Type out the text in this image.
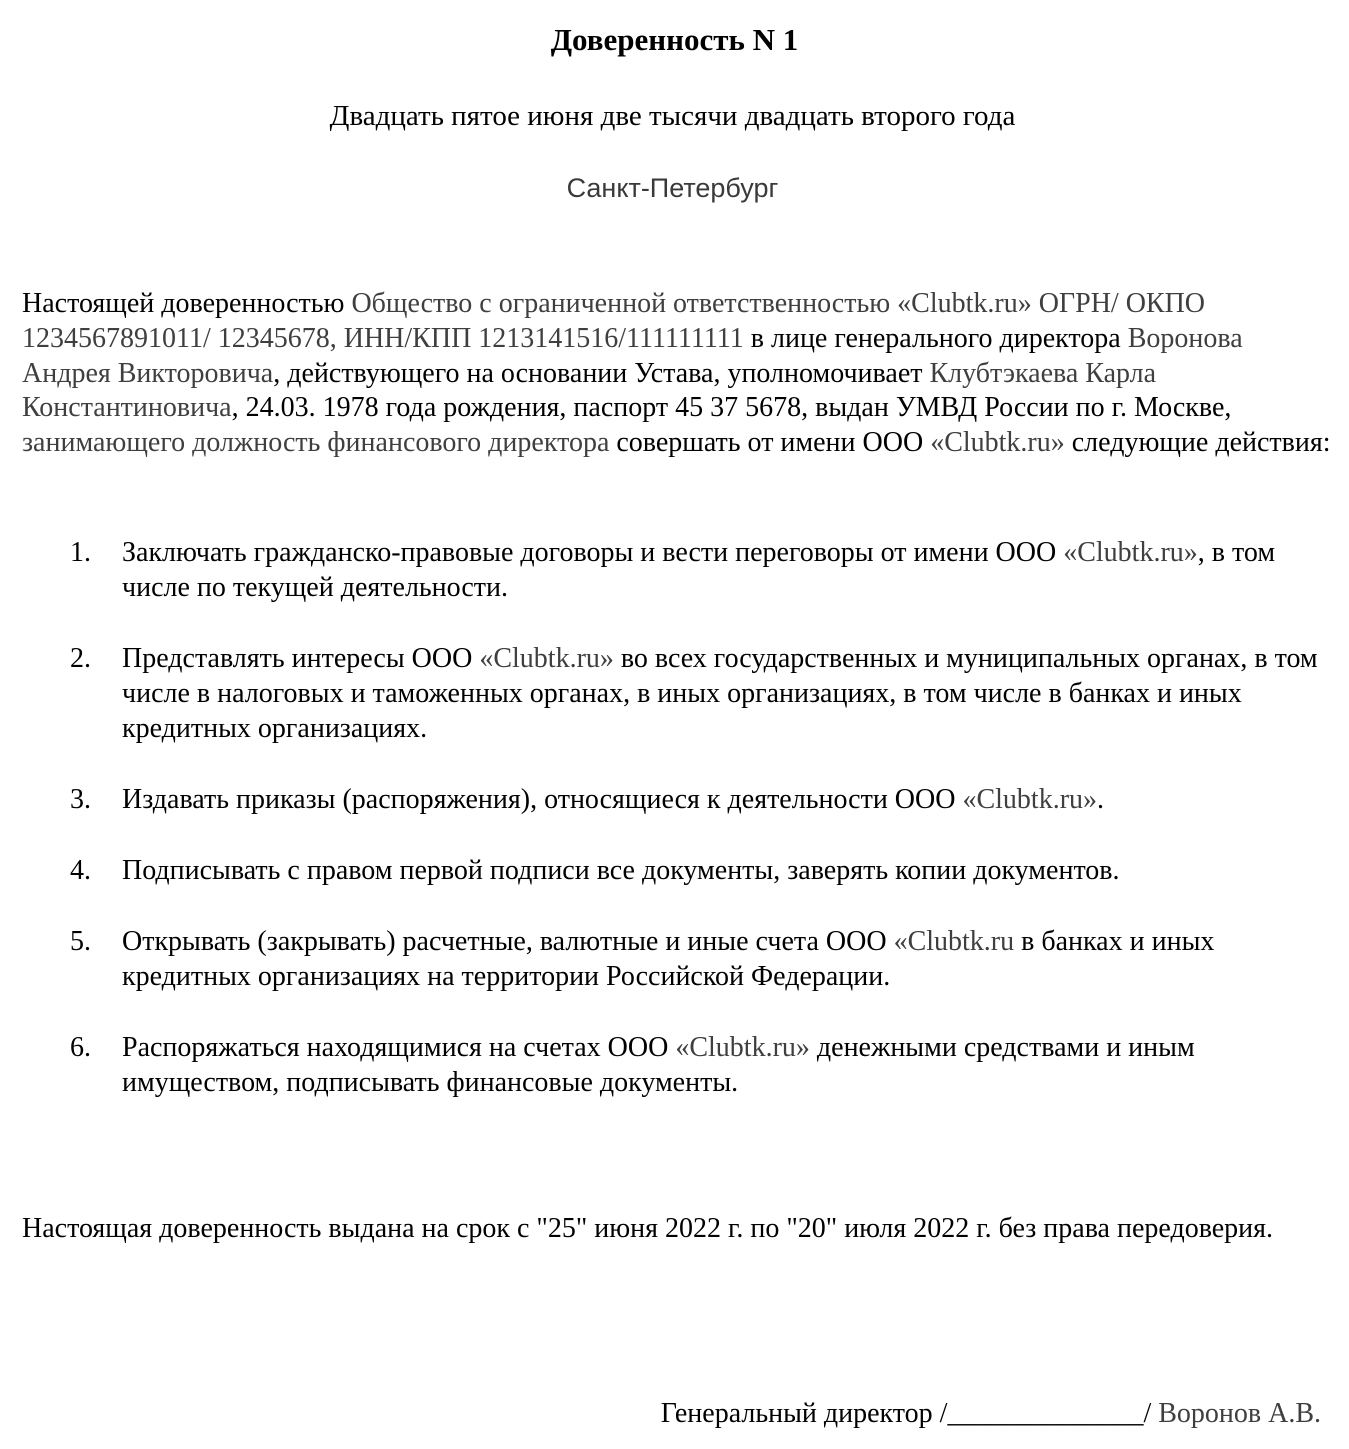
Доверенность N 1
Двадцать пятое июня две тысячи двадцать второго года
Санкт-Петербург
Настоящей доверенностью Общество с ограниченной ответственностью «Clubtk.ru» ОГРН/ ОКПО 1234567891011/ 12345678, ИНН/КПП 1213141516/111111111 в лице генерального директора Воронова Андрея Викторовича, действующего на основании Устава, уполномочивает Клубтэкаева Карла Константиновича, 24.03. 1978 года рождения, паспорт 45 37 5678, выдан УМВД России по г. Москве, занимающего должность финансового директора совершать от имени ООО «Clubtk.ru» следующие действия:
1. Заключать гражданско-правовые договоры и вести переговоры от имени ООО «Clubtk.ru», в том числе по текущей деятельности.
2. Представлять интересы ООО «Clubtk.ru» во всех государственных и муниципальных органах, в том числе в налоговых и таможенных органах, в иных организациях, в том числе в банках и иных кредитных организациях.
3. Издавать приказы (распоряжения), относящиеся к деятельности ООО «Clubtk.ru».
4. Подписывать с правом первой подписи все документы, заверять копии документов.
5. Открывать (закрывать) расчетные, валютные и иные счета ООО «Clubtk.ru в банках и иных кредитных организациях на территории Российской Федерации.
6. Распоряжаться находящимися на счетах ООО «Clubtk.ru» денежными средствами и иным имуществом, подписывать финансовые документы.
Настоящая доверенность выдана на срок с "25" июня 2022 г. по "20" июля 2022 г. без права передоверия.
Генеральный директор /______________/ Воронов А.В.
